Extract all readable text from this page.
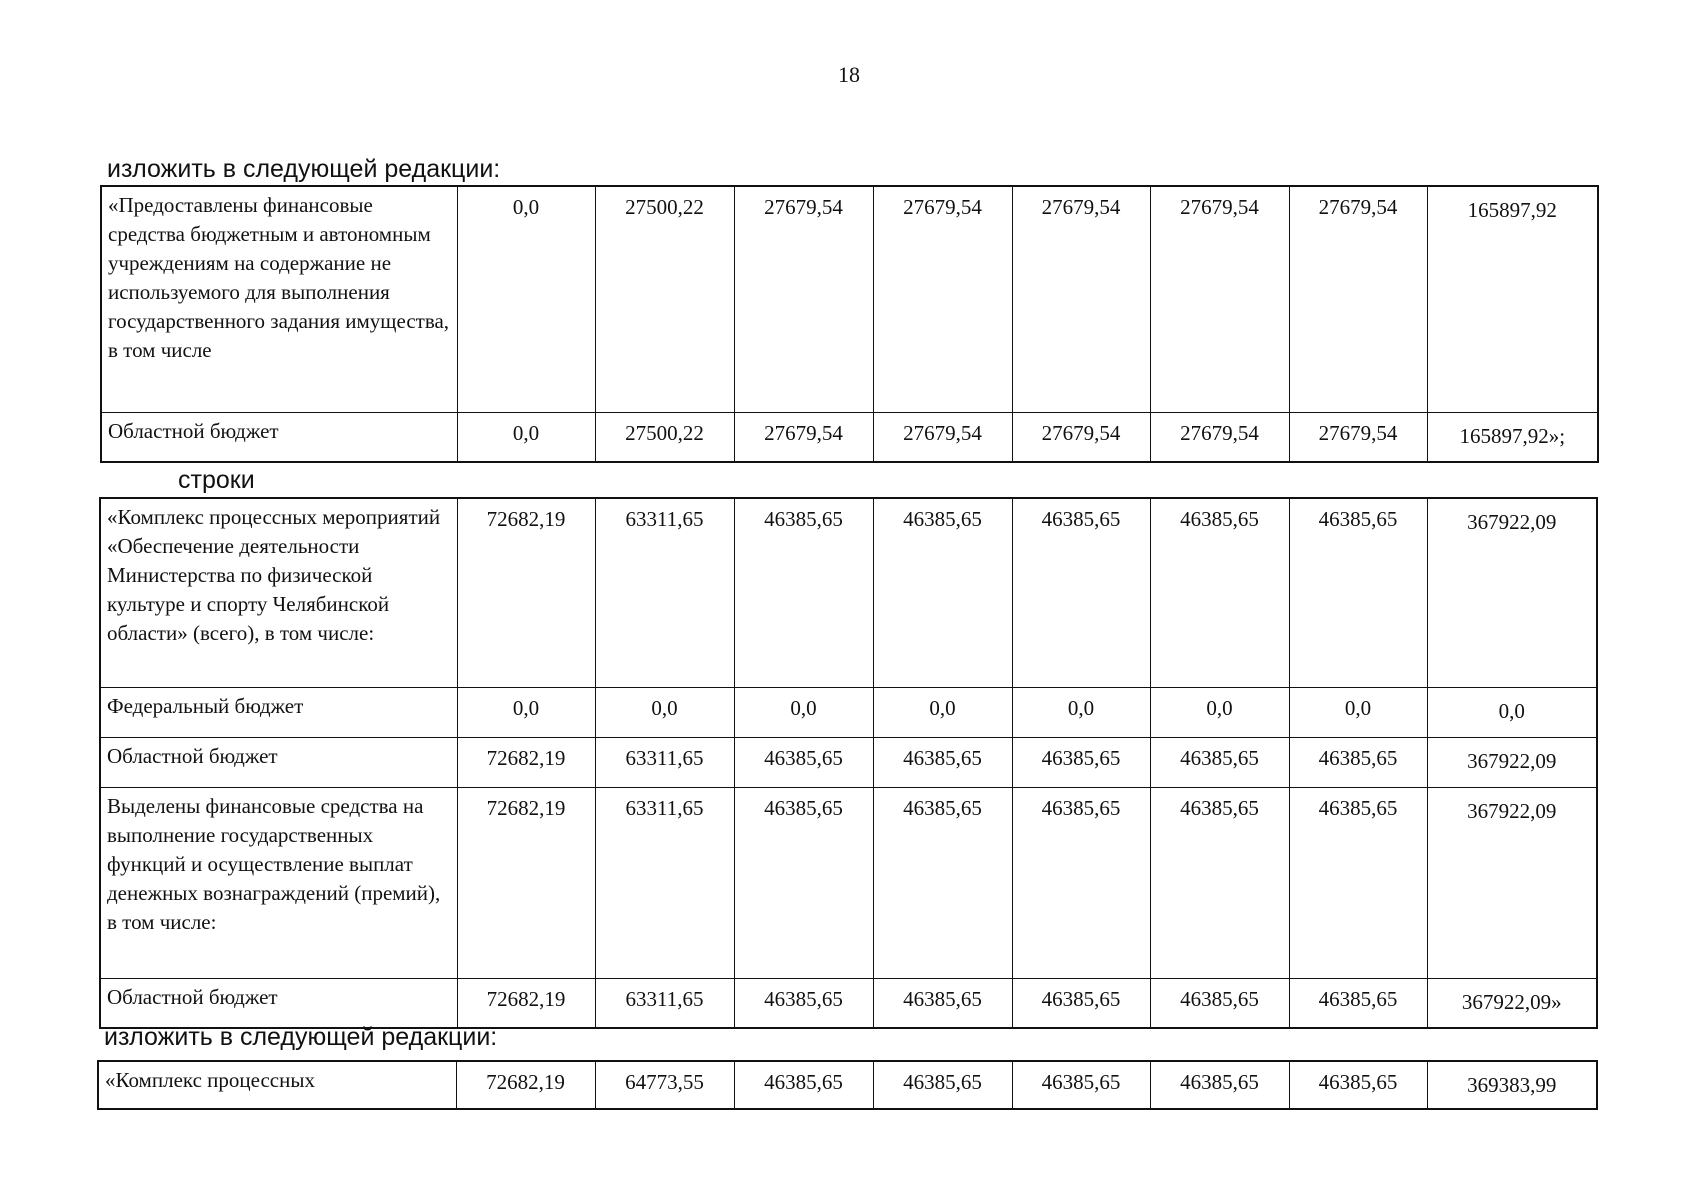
18
изложить в следующей редакции:
«Предоставлены финансовые средства бюджетным и автономным учреждениям на содержание не используемого для выполнения государственного задания имущества, в том числе	0,0	27500,22	27679,54	27679,54	27679,54	27679,54	27679,54	165897,92
Областной бюджет	0,0	27500,22	27679,54	27679,54	27679,54	27679,54	27679,54	165897,92»;
строки
«Комплекс процессных мероприятий «Обеспечение деятельности Министерства по физической культуре и спорту Челябинской области» (всего), в том числе:	72682,19	63311,65	46385,65	46385,65	46385,65	46385,65	46385,65	367922,09
Федеральный бюджет	0,0	0,0	0,0	0,0	0,0	0,0	0,0	0,0
Областной бюджет	72682,19	63311,65	46385,65	46385,65	46385,65	46385,65	46385,65	367922,09
Выделены финансовые средства на выполнение государственных функций и осуществление выплат денежных вознаграждений (премий), в том числе:	72682,19	63311,65	46385,65	46385,65	46385,65	46385,65	46385,65	367922,09
Областной бюджет	72682,19	63311,65	46385,65	46385,65	46385,65	46385,65	46385,65	367922,09»
изложить в следующей редакции:
«Комплекс процессных	72682,19	64773,55	46385,65	46385,65	46385,65	46385,65	46385,65	369383,99
